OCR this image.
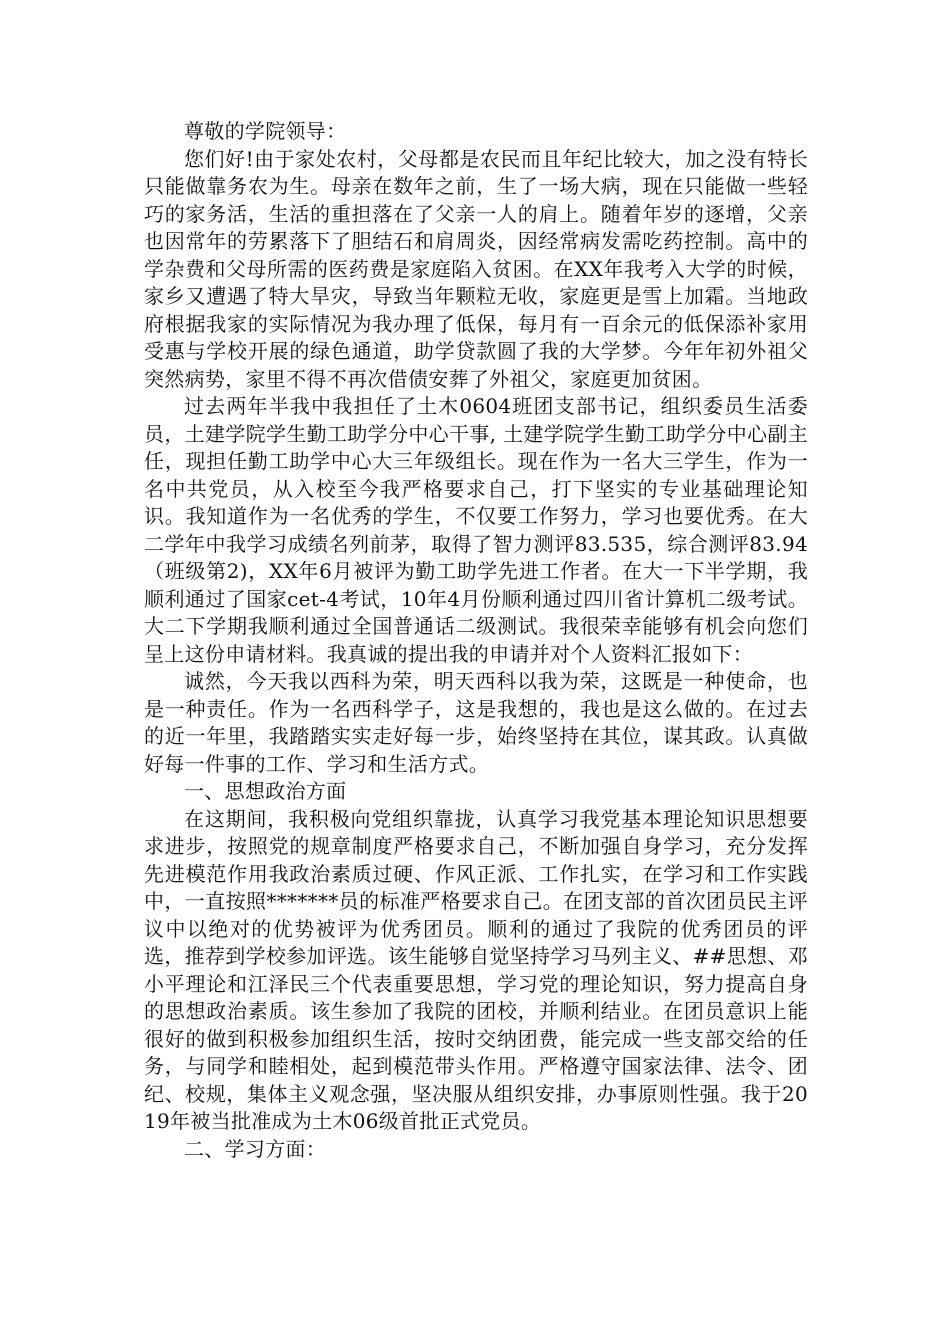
尊敬的学院领导：

您们好!由于家处农村，父母都是农民而且年纪比较大，加之没有特长只能做靠务农为生。母亲在数年之前，生了一场大病，现在只能做一些轻巧的家务活，生活的重担落在了父亲一人的肩上。随着年岁的逐增，父亲也因常年的劳累落下了胆结石和肩周炎，因经常病发需吃药控制。高中的学杂费和父母所需的医药费是家庭陷入贫困。在XX年我考入大学的时候，家乡又遭遇了特大旱灾，导致当年颗粒无收，家庭更是雪上加霜。当地政府根据我家的实际情况为我办理了低保，每月有一百余元的低保添补家用受惠与学校开展的绿色通道，助学贷款圆了我的大学梦。今年年初外祖父突然病势，家里不得不再次借债安葬了外祖父，家庭更加贫困。

过去两年半我中我担任了土木0604班团支部书记，组织委员生活委员，土建学院学生勤工助学分中心干事, 土建学院学生勤工助学分中心副主任，现担任勤工助学中心大三年级组长。现在作为一名大三学生，作为一名中共党员，从入校至今我严格要求自己，打下坚实的专业基础理论知识。我知道作为一名优秀的学生，不仅要工作努力，学习也要优秀。在大二学年中我学习成绩名列前茅，取得了智力测评83.535，综合测评83.94（班级第2)，XX年6月被评为勤工助学先进工作者。在大一下半学期，我顺利通过了国家cet-4考试，10年4月份顺利通过四川省计算机二级考试。大二下学期我顺利通过全国普通话二级测试。我很荣幸能够有机会向您们呈上这份申请材料。我真诚的提出我的申请并对个人资料汇报如下：

诚然，今天我以西科为荣，明天西科以我为荣，这既是一种使命，也是一种责任。作为一名西科学子，这是我想的，我也是这么做的。在过去的近一年里，我踏踏实实走好每一步，始终坚持在其位，谋其政。认真做好每一件事的工作、学习和生活方式。

一、思想政治方面

在这期间，我积极向党组织靠拢，认真学习我党基本理论知识思想要求进步，按照党的规章制度严格要求自己，不断加强自身学习，充分发挥先进模范作用我政治素质过硬、作风正派、工作扎实，在学习和工作实践中，一直按照*******员的标准严格要求自己。在团支部的首次团员民主评议中以绝对的优势被评为优秀团员。顺利的通过了我院的优秀团员的评选，推荐到学校参加评选。该生能够自觉坚持学习马列主义、##思想、邓小平理论和江泽民三个代表重要思想，学习党的理论知识，努力提高自身的思想政治素质。该生参加了我院的团校，并顺利结业。在团员意识上能很好的做到积极参加组织生活，按时交纳团费，能完成一些支部交给的任务，与同学和睦相处，起到模范带头作用。严格遵守国家法律、法令、团纪、校规，集体主义观念强，坚决服从组织安排，办事原则性强。我于2019年被当批准成为土木06级首批正式党员。

二、学习方面：
